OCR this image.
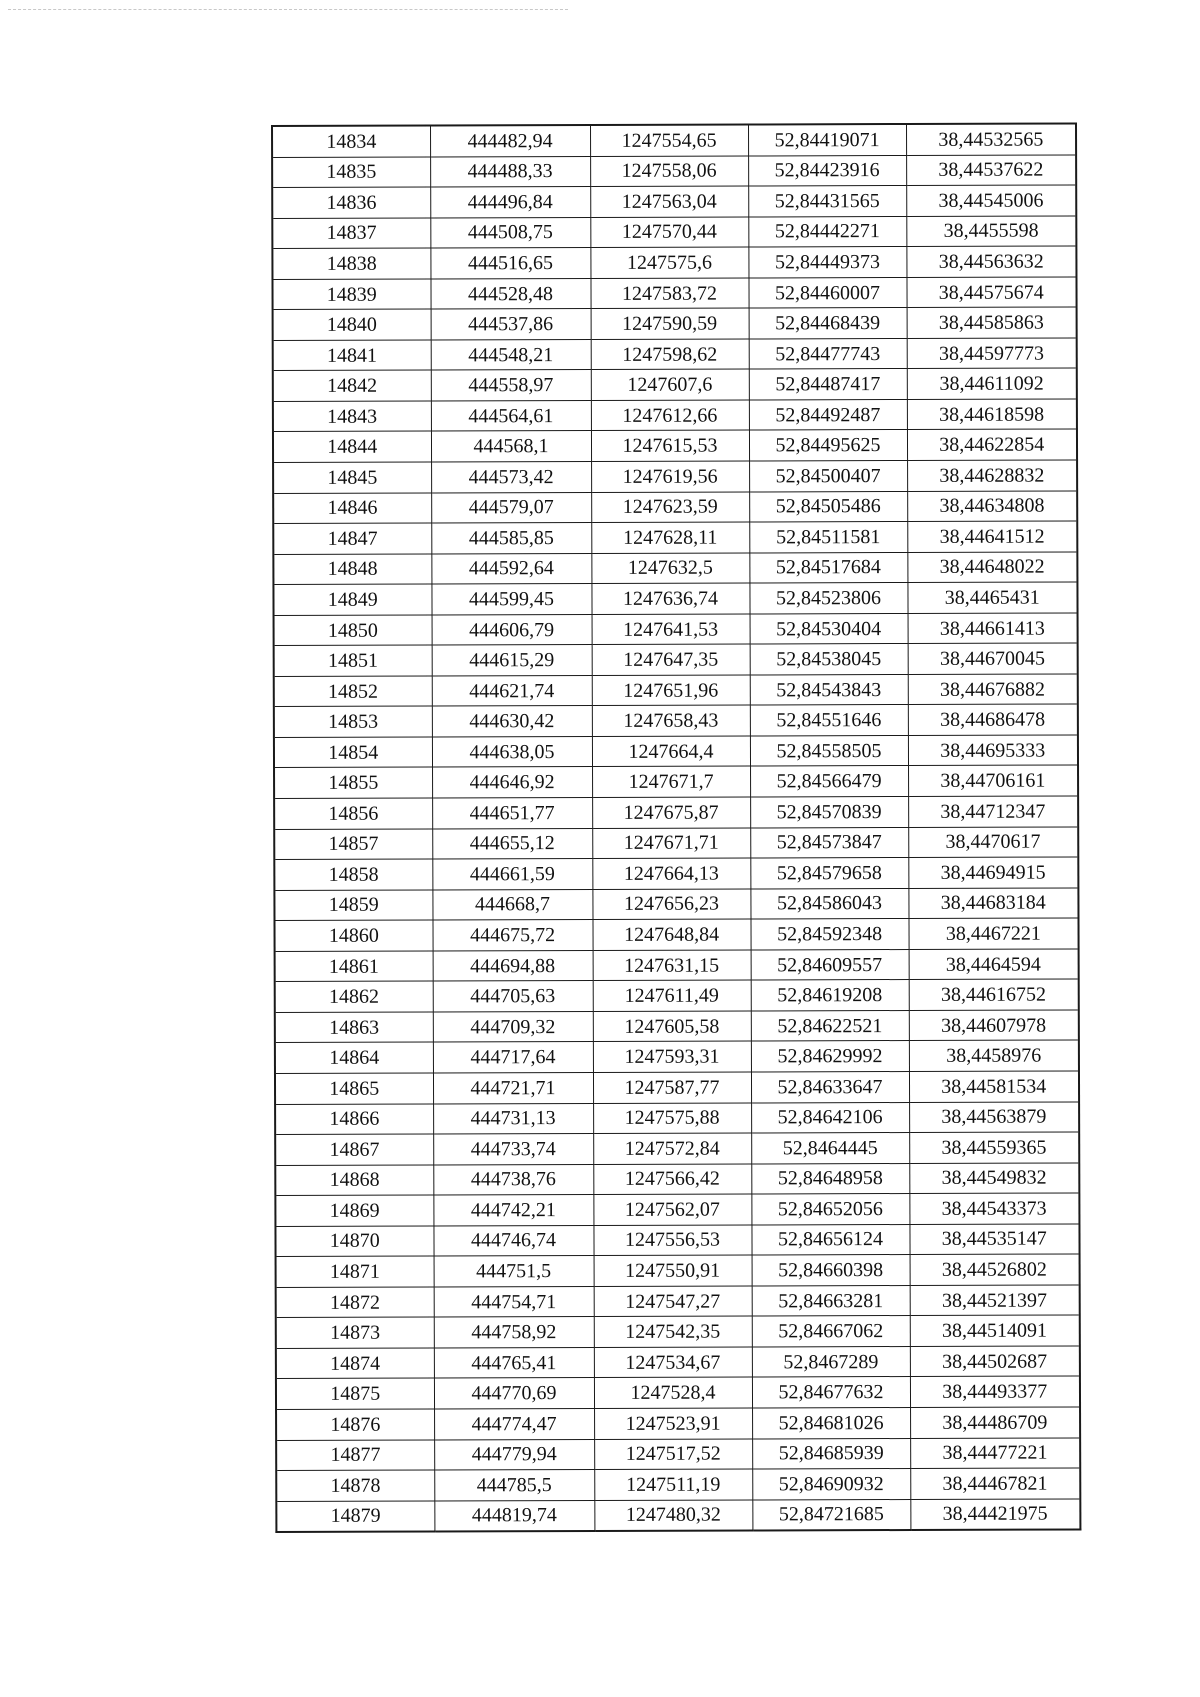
14834	444482,94	1247554,65	52,84419071	38,44532565
14835	444488,33	1247558,06	52,84423916	38,44537622
14836	444496,84	1247563,04	52,84431565	38,44545006
14837	444508,75	1247570,44	52,84442271	38,4455598
14838	444516,65	1247575,6	52,84449373	38,44563632
14839	444528,48	1247583,72	52,84460007	38,44575674
14840	444537,86	1247590,59	52,84468439	38,44585863
14841	444548,21	1247598,62	52,84477743	38,44597773
14842	444558,97	1247607,6	52,84487417	38,44611092
14843	444564,61	1247612,66	52,84492487	38,44618598
14844	444568,1	1247615,53	52,84495625	38,44622854
14845	444573,42	1247619,56	52,84500407	38,44628832
14846	444579,07	1247623,59	52,84505486	38,44634808
14847	444585,85	1247628,11	52,84511581	38,44641512
14848	444592,64	1247632,5	52,84517684	38,44648022
14849	444599,45	1247636,74	52,84523806	38,4465431
14850	444606,79	1247641,53	52,84530404	38,44661413
14851	444615,29	1247647,35	52,84538045	38,44670045
14852	444621,74	1247651,96	52,84543843	38,44676882
14853	444630,42	1247658,43	52,84551646	38,44686478
14854	444638,05	1247664,4	52,84558505	38,44695333
14855	444646,92	1247671,7	52,84566479	38,44706161
14856	444651,77	1247675,87	52,84570839	38,44712347
14857	444655,12	1247671,71	52,84573847	38,4470617
14858	444661,59	1247664,13	52,84579658	38,44694915
14859	444668,7	1247656,23	52,84586043	38,44683184
14860	444675,72	1247648,84	52,84592348	38,4467221
14861	444694,88	1247631,15	52,84609557	38,4464594
14862	444705,63	1247611,49	52,84619208	38,44616752
14863	444709,32	1247605,58	52,84622521	38,44607978
14864	444717,64	1247593,31	52,84629992	38,4458976
14865	444721,71	1247587,77	52,84633647	38,44581534
14866	444731,13	1247575,88	52,84642106	38,44563879
14867	444733,74	1247572,84	52,8464445	38,44559365
14868	444738,76	1247566,42	52,84648958	38,44549832
14869	444742,21	1247562,07	52,84652056	38,44543373
14870	444746,74	1247556,53	52,84656124	38,44535147
14871	444751,5	1247550,91	52,84660398	38,44526802
14872	444754,71	1247547,27	52,84663281	38,44521397
14873	444758,92	1247542,35	52,84667062	38,44514091
14874	444765,41	1247534,67	52,8467289	38,44502687
14875	444770,69	1247528,4	52,84677632	38,44493377
14876	444774,47	1247523,91	52,84681026	38,44486709
14877	444779,94	1247517,52	52,84685939	38,44477221
14878	444785,5	1247511,19	52,84690932	38,44467821
14879	444819,74	1247480,32	52,84721685	38,44421975
